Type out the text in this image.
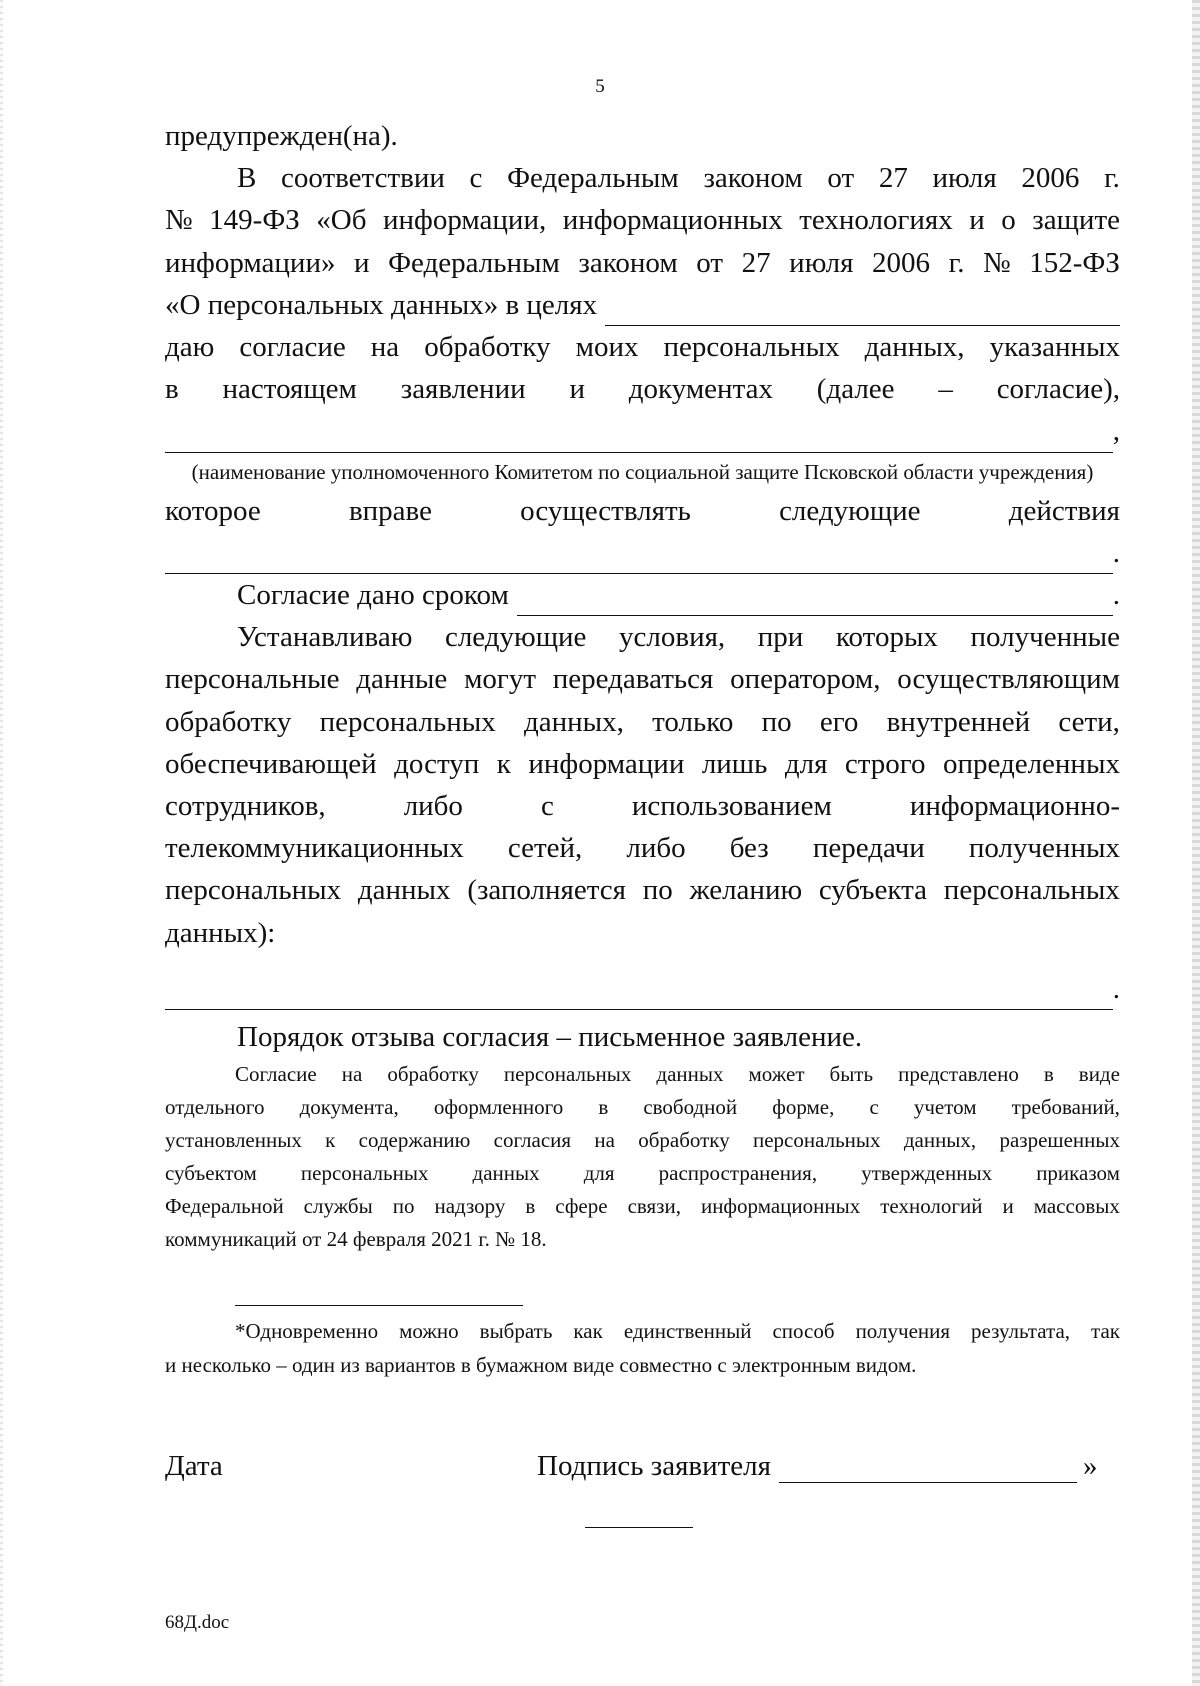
5
предупрежден(на).
В соответствии с Федеральным законом от 27 июля 2006 г.
№ 149-ФЗ «Об информации, информационных технологиях и о защите
информации» и Федеральным законом от 27 июля 2006 г. № 152-ФЗ
«О персональных данных» в целях
даю согласие на обработку моих персональных данных, указанных
в настоящем заявлении и документах (далее – согласие),
,
(наименование уполномоченного Комитетом по социальной защите Псковской области учреждения)
которое	вправе	осуществлять	следующие	действия
.
Согласие дано сроком	.
Устанавливаю следующие условия, при которых полученные
персональные данные могут передаваться оператором, осуществляющим
обработку персональных данных, только по его внутренней сети,
обеспечивающей доступ к информации лишь для строго определенных
сотрудников,	либо	с	использованием	информационно-
телекоммуникационных сетей, либо без передачи полученных
персональных данных (заполняется по желанию субъекта персональных
данных):
.
Порядок отзыва согласия – письменное заявление.
Согласие на обработку персональных данных может быть представлено в виде
отдельного документа, оформленного в свободной форме, с учетом требований,
установленных к содержанию согласия на обработку персональных данных, разрешенных
субъектом персональных данных для распространения, утвержденных приказом
Федеральной службы по надзору в сфере связи, информационных технологий и массовых
коммуникаций от 24 февраля 2021 г. № 18.
*Одновременно можно выбрать как единственный способ получения результата, так
и несколько – один из вариантов в бумажном виде совместно с электронным видом.
Дата	Подпись заявителя	»
68Д.doc
